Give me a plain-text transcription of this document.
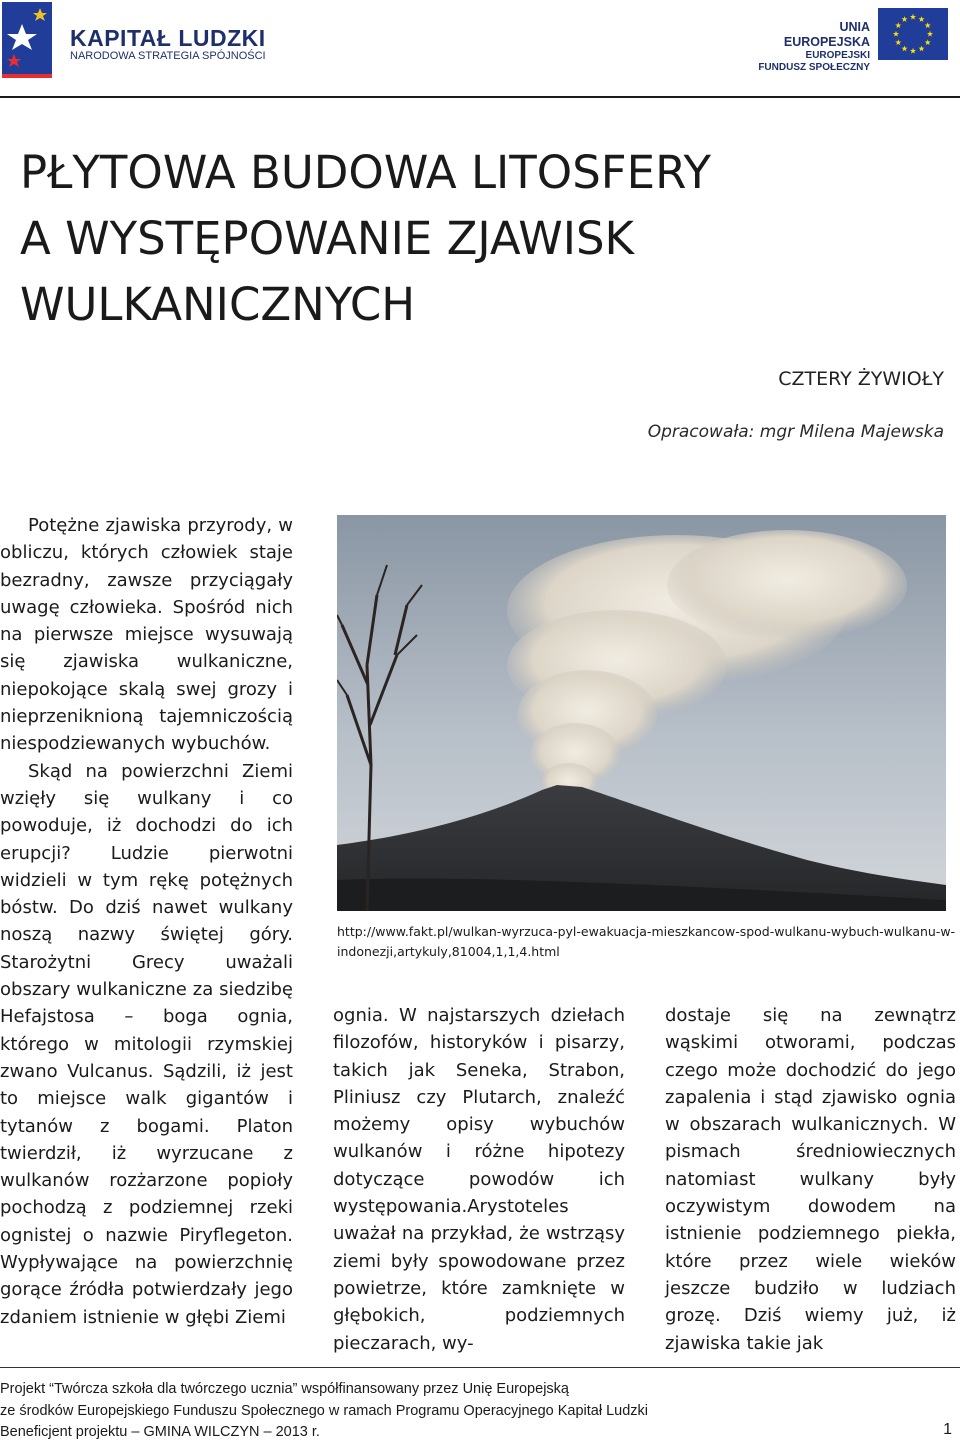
KAPITAŁ LUDZKI
NARODOWA STRATEGIA SPÓJNOŚCI
UNIA EUROPEJSKA
EUROPEJSKI
FUNDUSZ SPOŁECZNY
PŁYTOWA BUDOWA LITOSFERY
A WYSTĘPOWANIE ZJAWISK
WULKANICZNYCH
CZTERY ŻYWIOŁY
Opracowała: mgr Milena Majewska

Potężne zjawiska przyrody, w obliczu, których człowiek staje bezradny, zawsze przyciągały uwagę człowieka. Spośród nich na pierwsze miejsce wysuwają się zjawiska wulkaniczne, niepokojące skalą swej grozy i nieprzeniknioną tajemniczością niespodziewanych wybuchów.

Skąd na powierzchni Ziemi wzięły się wulkany i co powoduje, iż dochodzi do ich erupcji? Ludzie pierwotni widzieli w tym rękę potężnych bóstw. Do dziś nawet wulkany noszą nazwy świętej góry. Starożytni Grecy uważali obszary wulkaniczne za siedzibę Hefajstosa – boga ognia, którego w mitologii rzymskiej zwano Vulcanus. Sądzili, iż jest to miejsce walk gigantów i tytanów z bogami. Platon twierdził, iż wyrzucane z wulkanów rozżarzone popioły pochodzą z podziemnej rzeki ognistej o nazwie Piryflegeton. Wypływające na powierzchnię gorące źródła potwierdzały jego zdaniem istnienie w głębi Ziemi

http://www.fakt.pl/wulkan-wyrzuca-pyl-ewakuacja-mieszkancow-spod-wulkanu-wybuch-wulkanu-w-indonezji,artykuly,81004,1,1,4.html

ognia. W najstarszych dziełach filozofów, historyków i pisarzy, takich jak Seneka, Strabon, Pliniusz czy Plutarch, znaleźć możemy opisy wybuchów wulkanów i różne hipotezy dotyczące powodów ich występowania.Arystoteles uważał na przykład, że wstrząsy ziemi były spowodowane przez powietrze, które zamknięte w głębokich, podziemnych pieczarach, wy-

dostaje się na zewnątrz wąskimi otworami, podczas czego może dochodzić do jego zapalenia i stąd zjawisko ognia w obszarach wulkanicznych. W pismach średniowiecznych natomiast wulkany były oczywistym dowodem na istnienie podziemnego piekła, które przez wiele wieków jeszcze budziło w ludziach grozę. Dziś wiemy już, iż zjawiska takie jak

Projekt “Twórcza szkoła dla twórczego ucznia” współfinansowany przez Unię Europejską
ze środków Europejskiego Funduszu Społecznego w ramach Programu Operacyjnego Kapitał Ludzki
Beneficjent projektu – GMINA WILCZYN – 2013 r.	1
